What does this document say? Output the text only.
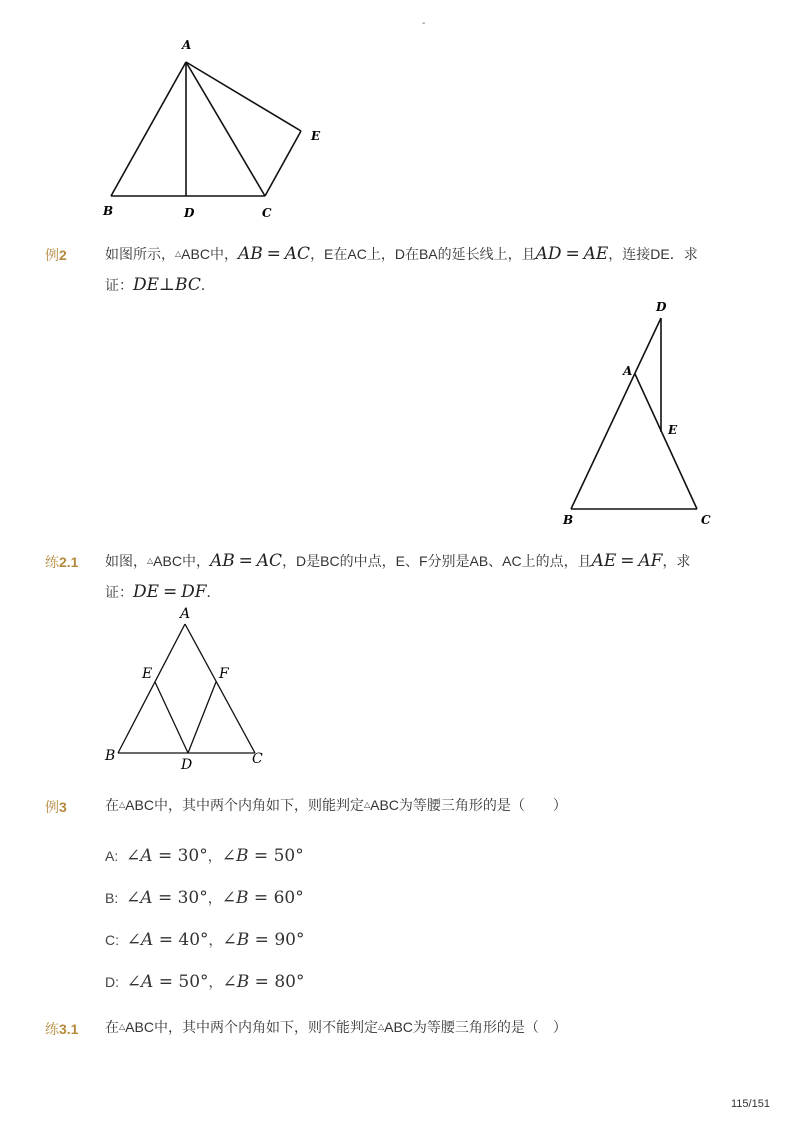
-
A
B	D	C
E
例2	如图所示，△ABC中，AB = AC，E在AC上，D在BA的延长线上，且AD = AE，连接DE．求
证：DE⊥BC．
D
A
E
B	C
练2.1 如图，△ABC中，AB = AC，D是BC的中点，E、F分别是AB、AC上的点，且AE = AF，求
证：DE = DF．
A
E	F
B
D	C
例3	在△ABC中，其中两个内角如下，则能判定△ABC为等腰三角形的是（　　）
A: ∠A = 30°，∠B = 50°
B: ∠A = 30°，∠B = 60°
C: ∠A = 40°，∠B = 90°
D: ∠A = 50°，∠B = 80°
练3.1 在△ABC中，其中两个内角如下，则不能判定△ABC为等腰三角形的是（　）
115/151
